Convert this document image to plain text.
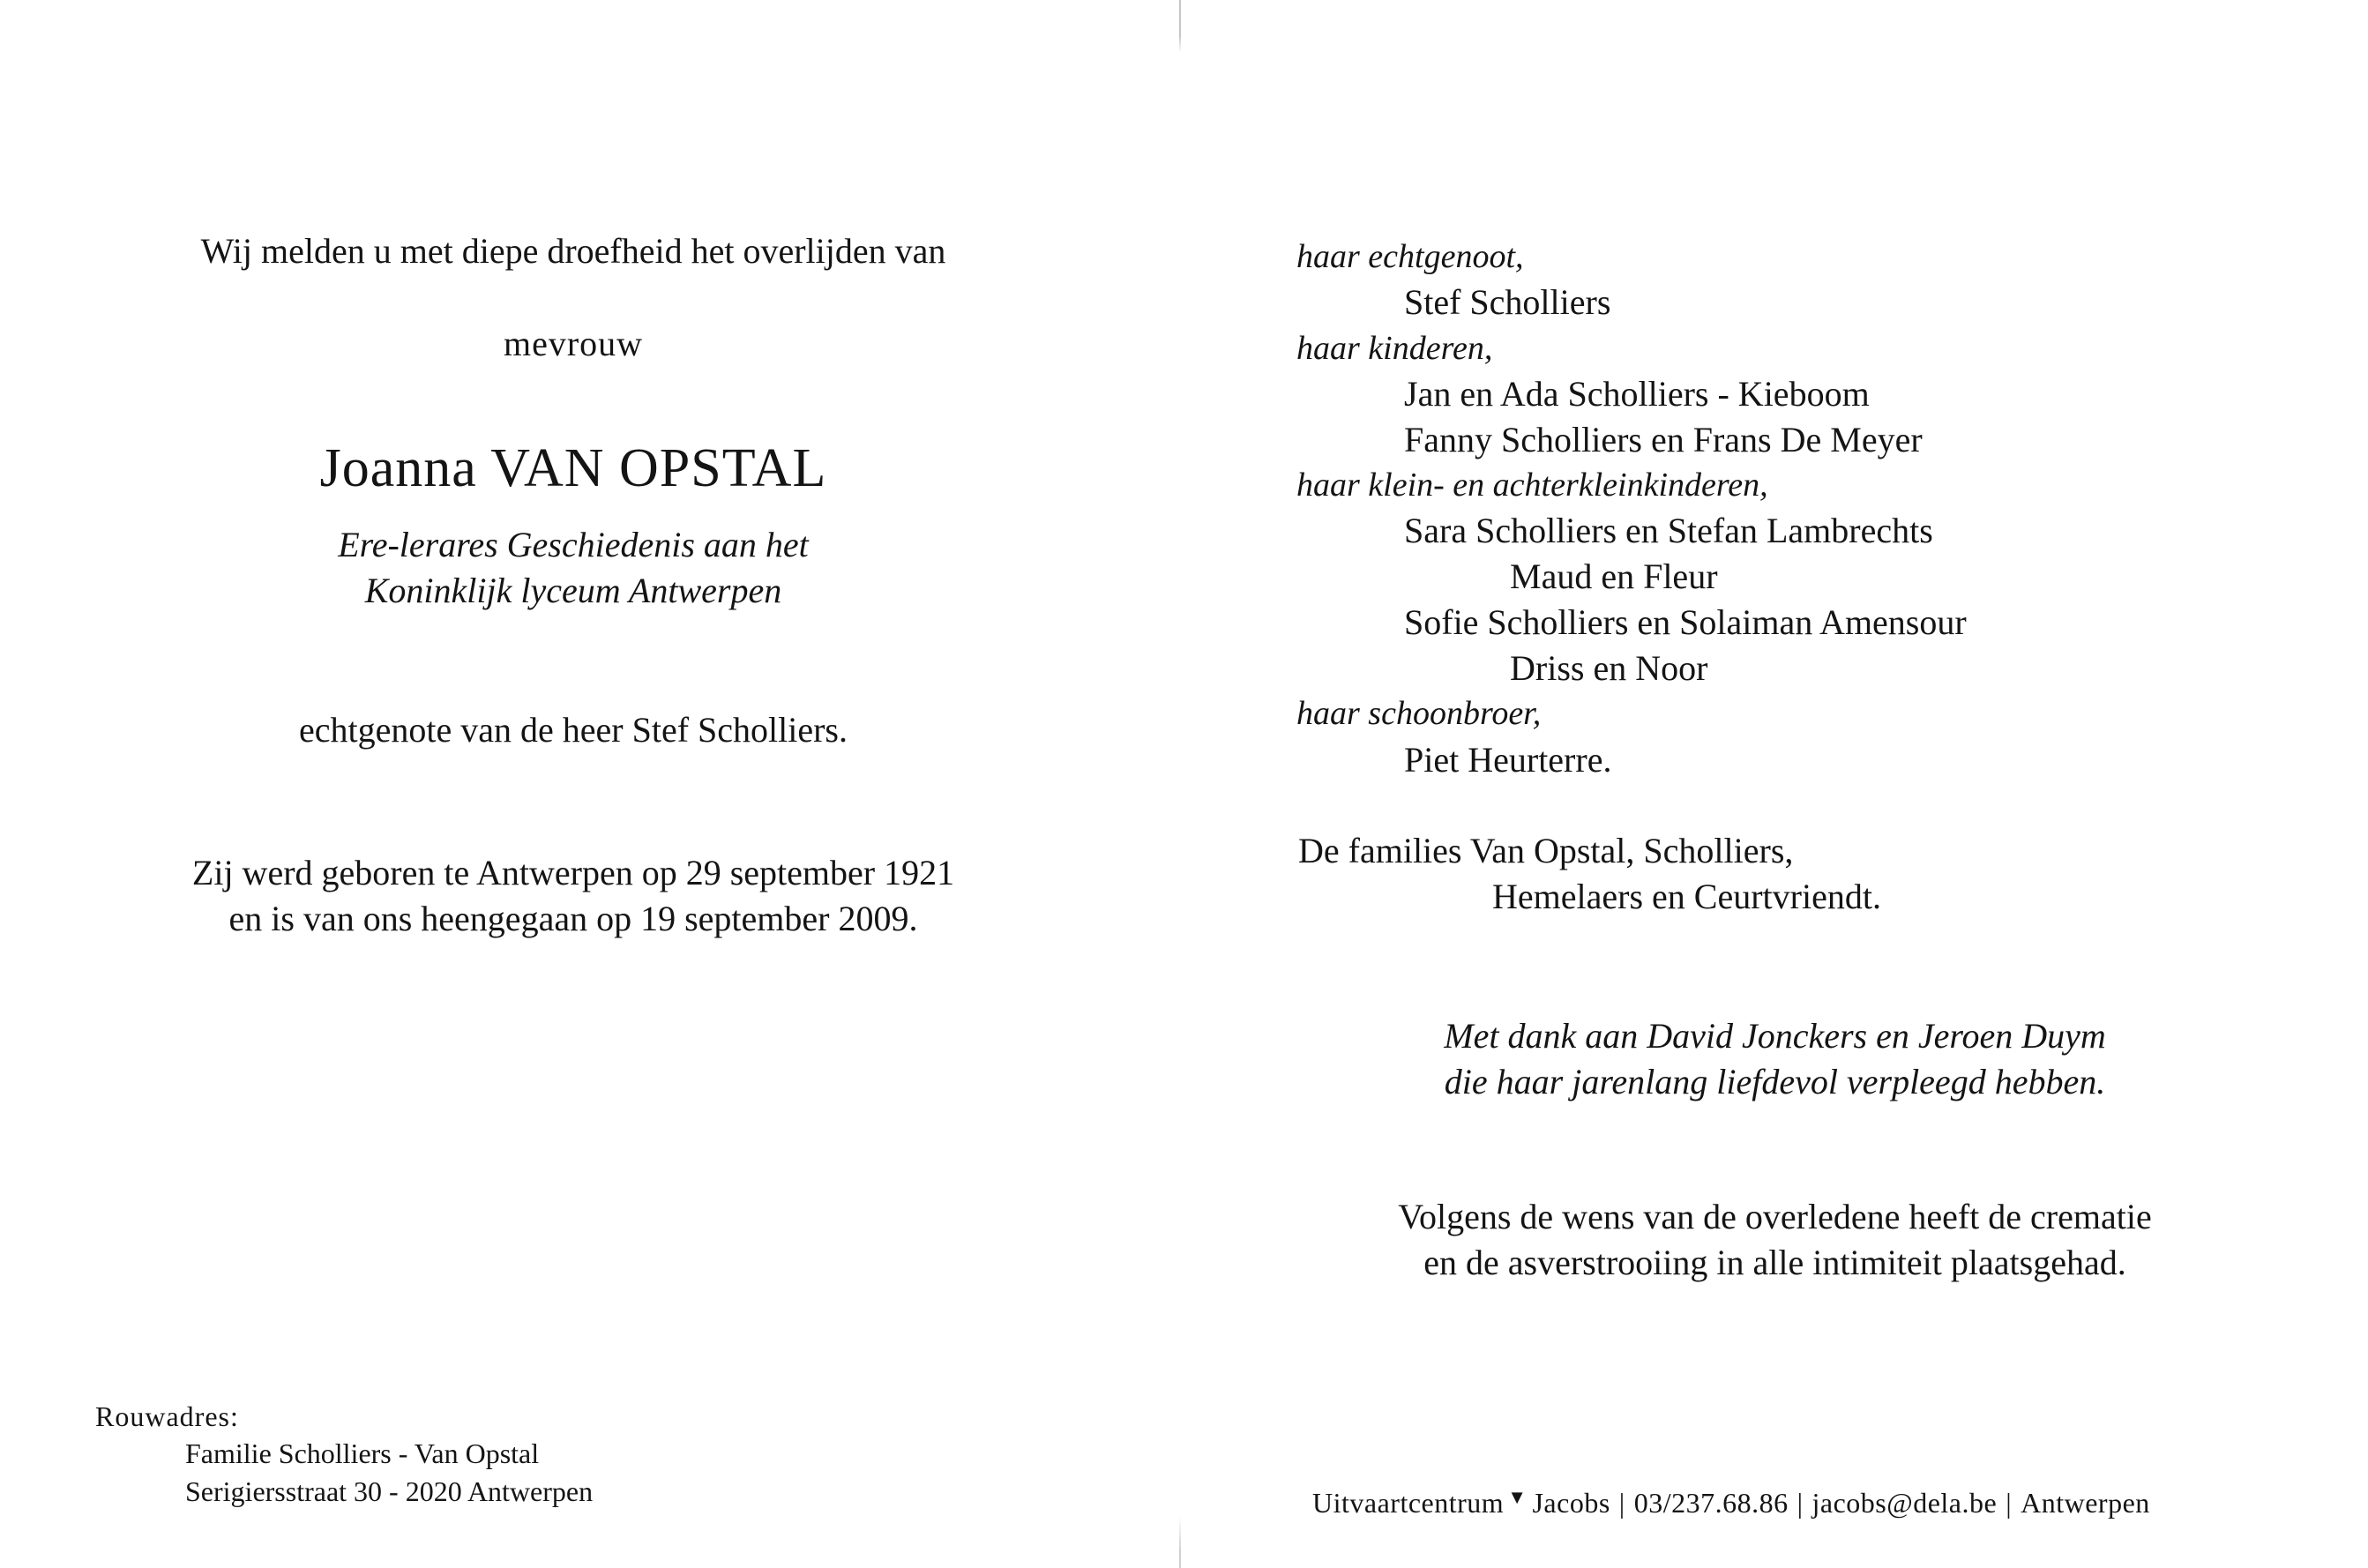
Wij melden u met diepe droefheid het overlijden van
mevrouw
Joanna VAN OPSTAL
Ere-lerares Geschiedenis aan het
Koninklijk lyceum Antwerpen
echtgenote van de heer Stef Scholliers.
Zij werd geboren te Antwerpen op 29 september 1921
en is van ons heengegaan op 19 september 2009.
Rouwadres:
Familie Scholliers - Van Opstal
Serigiersstraat 30 - 2020 Antwerpen
haar echtgenoot,
Stef Scholliers
haar kinderen,
Jan en Ada Scholliers - Kieboom
Fanny Scholliers en Frans De Meyer
haar klein- en achterkleinkinderen,
Sara Scholliers en Stefan Lambrechts
Maud en Fleur
Sofie Scholliers en Solaiman Amensour
Driss en Noor
haar schoonbroer,
Piet Heurterre.
De families Van Opstal, Scholliers,
Hemelaers en Ceurtvriendt.
Met dank aan David Jonckers en Jeroen Duym
die haar jarenlang liefdevol verpleegd hebben.
Volgens de wens van de overledene heeft de crematie
en de asverstrooiing in alle intimiteit plaatsgehad.
Uitvaartcentrum ▼ Jacobs | 03/237.68.86 | jacobs@dela.be | Antwerpen
